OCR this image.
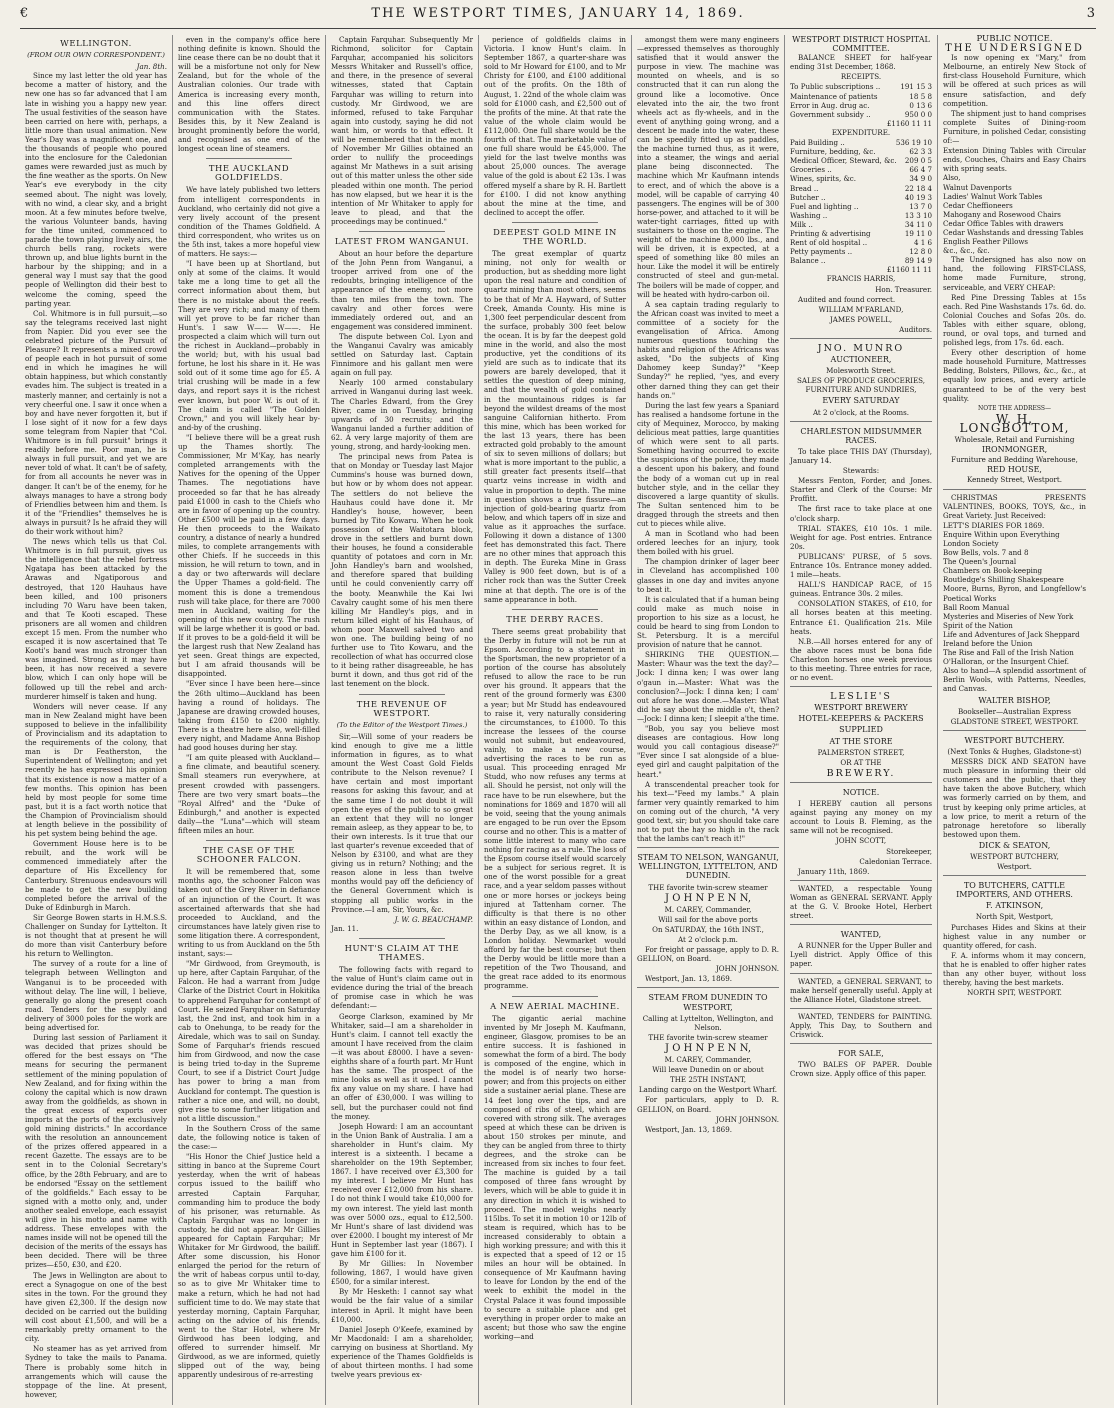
€	THE WESTPORT TIMES, JANUARY 14, 1869.	3
WELLINGTON.
(FROM OUR OWN CORRESPONDENT.)
Jan. 8th.

Since my last letter the old year has become a matter of history, and the new one has so far advanced that I am late in wishing you a happy new year. The usual festivities of the season have been carried on here with, perhaps, a little more than usual animation. New Year's Day was a magnificent one, and the thousands of people who poured into the enclosure for the Caledonian games were rewarded just as much by the fine weather as the sports. On New Year's eve everybody in the city seemed about. The night was lovely, with no wind, a clear sky, and a bright moon. At a few minutes before twelve, the various Volunteer bands, having for the time united, commenced to parade the town playing lively airs, the church bells rang, rockets were thrown up, and blue lights burnt in the harbour by the shipping; and in a general way I must say that the good people of Wellington did their best to welcome the coming, speed the parting year.

Col. Whitmore is in full pursuit,—so say the telegrams received last night from Napier. Did you ever see the celebrated picture of the Pursuit of Pleasure? It represents a mixed crowd of people each in hot pursuit of some end in which he imagines he will obtain happiness, but which constantly evades him. The subject is treated in a masterly manner, and certainly is not a very cheerful one. I saw it once when a boy and have never forgotten it, but if I lose sight of it now for a few days some telegram from Napier that "Col. Whitmore is in full pursuit" brings it readily before me. Poor man, he is always in full pursuit, and yet we are never told of what. It can't be of safety, for from all accounts he never was in danger. It can't be of the enemy, for he always manages to have a strong body of Friendlies between him and them. Is it of the "Friendlies" themselves he is always in pursuit? Is he afraid they will do their work without him?

The news which tells us that Col. Whitmore is in full pursuit, gives us the intelligence that the rebel fortress Ngatapa has been attacked by the Arawas and Ngatiporous and destroyed, that 120 Hauhaus have been killed, and 100 prisoners including 70 Waru have been taken, and that Te Kooti escaped. These prisoners are all women and children except 15 men. From the number who escaped it is now ascertained that Te Kooti's band was much stronger than was imagined. Strong as it may have been, it has now received a severe blow, which I can only hope will be followed up till the rebel and arch-murderer himself is taken and hung.

Wonders will never cease. If any man in New Zealand might have been supposed to believe in the infallibility of Provincialism and its adaptation to the requirements of the colony, that man is Dr Featherston, the Superintendent of Wellington; and yet recently he has expressed his opinion that its existence is now a matter of a few months. This opinion has been held by most people for some time past, but it is a fact worth notice that the Champion of Provincialism should at length believe in the possibility of his pet system being behind the age.

Government House here is to be rebuilt, and the work will be commenced immediately after the departure of His Excellency for Canterbury. Strenuous endeavours will be made to get the new building completed before the arrival of the Duke of Edinburgh in March.

Sir George Bowen starts in H.M.S.S. Challenger on Sunday for Lyttelton. It is not thought that at present he will do more than visit Canterbury before his return to Wellington.

The survey of a route for a line of telegraph between Wellington and Wanganui is to be proceeded with without delay. The line will, I believe, generally go along the present coach road. Tenders for the supply and delivery of 3000 poles for the work are being advertised for.

During last session of Parliament it was decided that prizes should be offered for the best essays on "The means for securing the permanent settlement of the mining population of New Zealand, and for fixing within the colony the capital which is now drawn away from the goldfields, as shown in the great excess of exports over imports at the ports of the exclusively gold mining districts." In accordance with the resolution an announcement of the prizes offered appeared in a recent Gazette. The essays are to be sent in to the Colonial Secretary's office, by the 28th February, and are to be endorsed "Essay on the settlement of the goldfields." Each essay to be signed with a motto only, and, under another sealed envelope, each essayist will give in his motto and name with address. These envelopes with the names inside will not be opened till the decision of the merits of the essays has been decided. There will be three prizes—£50, £30, and £20.

The Jews in Wellington are about to erect a Synagogue on one of the best sites in the town. For the ground they have given £2,300. If the design now decided on be carried out the building will cost about £1,500, and will be a remarkably pretty ornament to the city.

No steamer has as yet arrived from Sydney to take the mails to Panama. There is probably some hitch in arrangements which will cause the stoppage of the line. At present, however,

even in the company's office here nothing definite is known. Should the line cease there can be no doubt that it will be a misfortune not only for New Zealand, but for the whole of the Australian colonies. Our trade with America is increasing every month, and this line offers direct communication with the States. Besides this, by it New Zealand is brought prominently before the world, and recognised as one end of the longest ocean line of steamers.

THE AUCKLAND GOLDFIELDS.

We have lately published two letters from intelligent correspondents in Auckland, who certainly did not give a very lively account of the present condition of the Thames Goldfield. A third correspondent, who writes us on the 5th inst, takes a more hopeful view of matters. He says:—

"I have been up at Shortland, but only at some of the claims. It would take me a long time to get all the correct information about them, but there is no mistake about the reefs. They are very rich; and many of them will yet prove to be far richer than Hunt's. I saw W—— W——. He prospected a claim which will turn out the richest in Auckland—probably in the world; but, with his usual bad fortune, he lost his share in it. He was sold out of it some time ago for £5. A trial crushing will be made in a few days, and report says it is the richest ever known, but poor W. is out of it. The claim is called "The Golden Crown," and you will likely hear by-and-by of the crushing.

"I believe there will be a great rush up the Thames shortly. The Commissioner, Mr M'Kay, has nearly completed arrangements with the Natives for the opening of the Upper Thames. The negotiations have proceeded so far that he has already paid £1000 in cash to the Chiefs who are in favor of opening up the country. Other £500 will be paid in a few days. He then proceeds to the Waikato country, a distance of nearly a hundred miles, to complete arrangements with other Chiefs. If he succeeds in this mission, he will return to town, and in a day or two afterwards will declare the Upper Thames a gold-field. The moment this is done a tremendous rush will take place, for there are 7000 men in Auckland, waiting for the opening of this new country. The rush will be large whether it is good or bad. If it proves to be a gold-field it will be the largest rush that New Zealand has yet seen. Great things are expected, but I am afraid thousands will be disappointed.

"Ever since I have been here—since the 26th ultimo—Auckland has been having a round of holidays. The Japanese are drawing crowded houses, taking from £150 to £200 nightly. There is a theatre here also, well-filled every night, and Madame Anna Bishop had good houses during her stay.

"I am quite pleased with Auckland—a fine climate, and beautiful scenery. Small steamers run everywhere, at present crowded with passengers. There are two very smart boats—the "Royal Alfred" and the "Duke of Edinburgh," and another is expected daily—the "Luna"—which will steam fifteen miles an hour.

THE CASE OF THE SCHOONER FALCON.

It will be remembered that, some months ago, the schooner Falcon was taken out of the Grey River in defiance of an injunction of the Court. It was ascertained afterwards that she had proceeded to Auckland, and the circumstances have lately given rise to some litigation there. A correspondent, writing to us from Auckland on the 5th instant, says:—

"Mr Girdwood, from Greymouth, is up here, after Captain Farquhar, of the Falcon. He had a warrant from Judge Clarke of the District Court in Hokitika to apprehend Farquhar for contempt of Court. He seized Farquhar on Saturday last, the 2nd inst, and took him in a cab to Onehunga, to be ready for the Airedale, which was to sail on Sunday. Some of Farquhar's friends rescued him from Girdwood, and now the case is being tried to-day in the Supreme Court, to see if a District Court Judge has power to bring a man from Auckland for contempt. The question is rather a nice one, and will, no doubt, give rise to some further litigation and not a little discussion."

In the Southern Cross of the same date, the following notice is taken of the case:—

"His Honor the Chief Justice held a sitting in banco at the Supreme Court yesterday, when the writ of habeas corpus issued to the bailiff who arrested Captain Farquhar, commanding him to produce the body of his prisoner, was returnable. As Captain Farquhar was no longer in custody, he did not appear. Mr Gillies appeared for Captain Farquhar; Mr Whitaker for Mr Girdwood, the bailiff. After some discussion, his Honor enlarged the period for the return of the writ of habeas corpus until to-day, so as to give Mr Whitaker time to make a return, which he had not had sufficient time to do. We may state that yesterday morning, Captain Farquhar, acting on the advice of his friends, went to the Star Hotel, where Mr Girdwood has been lodging, and offered to surrender himself. Mr Girdwood, as we are informed, quietly slipped out of the way, being apparently undesirous of re-arresting

Captain Farquhar. Subsequently Mr Richmond, solicitor for Captain Farquhar, accompanied his solicitors Messrs Whitaker and Russell's office, and there, in the presence of several witnesses, stated that Captain Farquhar was willing to return into custody. Mr Girdwood, we are informed, refused to take Farquhar again into custody, saying he did not want him, or words to that effect. It will be remembered that in the month of November Mr Gillies obtained an order to nullify the proceedings against Mr Mathews in a suit arising out of this matter unless the other side pleaded within one month. The period has now elapsed, but we hear it is the intention of Mr Whitaker to apply for leave to plead, and that the proceedings may be continued."

LATEST FROM WANGANUI.

About an hour before the departure of the John Penn from Wanganui, a trooper arrived from one of the redoubts, bringing intelligence of the appearance of the enemy, not more than ten miles from the town. The cavalry and other forces were immediately ordered out, and an engagement was considered imminent.

The dispute between Col. Lyon and the Wanganui Cavalry was amicably settled on Saturday last. Captain Finnimore and his gallant men were again on full pay.

Nearly 100 armed constabulary arrived in Wanganui during last week. The Charles Edward, from the Grey River, came in on Tuesday, bringing upwards of 30 recruits; and the Wanganui landed a further addition of 62. A very large majority of them are young, strong, and hardy-looking men.

The principal news from Patea is that on Monday or Tuesday last Major Cummins's house was burned down, but how or by whom does not appear. The settlers do not believe the Hauhaus could have done it. Mr Handley's house, however, been burned by Tito Kowaru. When he took possession of the Waitotara block, drove in the settlers and burnt down their houses, he found a considerable quantity of potatoes and corn in Mr. John Handley's barn and woolshed, and therefore spared that building until he could conveniently carry off the booty. Meanwhile the Kai Iwi Cavalry caught some of his men there killing Mr Handley's pigs, and in return killed eight of his Hauhaus, of whom poor Maxwell salved two and won one. The building being of no further use to Tito Kowaru, and the recollection of what has occurred close to it being rather disagreeable, he has burnt it down, and thus got rid of the last tenement on the block.

THE REVENUE OF WESTPORT.
(To the Editor of the Westport Times.)

Sir,—Will some of your readers be kind enough to give me a little information in figures, as to what amount the West Coast Gold Fields contribute to the Nelson revenue? I have certain and most important reasons for asking this favour, and at the same time I do not doubt it will open the eyes of the public to so great an extent that they will no longer remain asleep, as they appear to be, to their own interests. Is it true that our last quarter's revenue exceeded that of Nelson by £3100, and what are they giving us in return? Nothing; and the reason alone in less than twelve months would pay off the deficiency of the General Government which is stopping all public works in the Province.—I am, Sir, Yours, &c.

J. W. G. BEAUCHAMP.
Jan. 11.
HUNT'S CLAIM AT THE THAMES.

The following facts with regard to the value of Hunt's claim came out in evidence during the trial of the breach of promise case in which he was defendant:—

George Clarkson, examined by Mr Whitaker, said—I am a shareholder in Hunt's claim. I cannot tell exactly the amount I have received from the claim—it was about £8000. I have a seven-eighths share of a fourth part. Mr Hunt has the same. The prospect of the mine looks as well as it used. I cannot fix any value on my share. I have had an offer of £30,000. I was willing to sell, but the purchaser could not find the money.

Joseph Howard: I am an accountant in the Union Bank of Australia. I am a shareholder in Hunt's claim. My interest is a sixteenth. I became a shareholder on the 19th September, 1867. I have received over £3,300 for my interest. I believe Mr Hunt has received over £12,000 from his share. I do not think I would take £10,000 for my own interest. The yield last month was over 5000 ozs., equal to £12,500. Mr Hunt's share of last dividend was over £2000. I bought my interest of Mr Hunt in September last year (1867). I gave him £100 for it.

By Mr Gillies: In November following, 1867, I would have given £500, for a similar interest.

By Mr Hesketh: I cannot say what would be the fair value of a similar interest in April. It might have been £10,000.

Daniel Joseph O'Keefe, examined by Mr Macdonald: I am a shareholder, carrying on business at Shortland. My experience of the Thames Goldfields is of about thirteen months. I had some twelve years previous ex-

perience of goldfields claims in Victoria. I know Hunt's claim. In September 1867, a quarter-share was sold to Mr Howard for £100, and to Mr Christy for £100, and £100 additional out of the profits. On the 18th of August, 1. 22nd of the whole claim was sold for £1000 cash, and £2,500 out of the profits of the mine. At that rate the value of the whole claim would be £112,000. One full share would be the fourth of that. The marketable value of one full share would be £45,000. The yield for the last twelve months was about 25,000 ounces. The average value of the gold is about £2 13s. I was offered myself a share by R. H. Bartlett for £100. I did not know anything about the mine at the time, and declined to accept the offer.

DEEPEST GOLD MINE IN THE WORLD.

The great exemplar of quartz mining, not only for wealth or production, but as shedding more light upon the real nature and condition of quartz mining than most others, seems to be that of Mr A. Hayward, of Sutter Creek, Amanda County. His mine is 1,300 feet perpendicular descent from the surface, probably 300 feet below the ocean. It is by far the deepest gold mine in the world, and also the most productive, yet the conditions of its yield are such as to indicate that its powers are barely developed, that it settles the question of deep mining, and that the wealth of gold contained in the mountainous ridges is far beyond the wildest dreams of the most sanguine Californian hitherto. From this mine, which has been worked for the last 13 years, there has been extracted gold probably to the amount of six to seven millions of dollars; but what is more important to the public, a still greater fact presents itself—that quartz veins increase in width and value in proportion to depth. The mine in question shows a true fissure—an injection of gold-bearing quartz from below, and which tapers off in size and value as it approaches the surface. Following it down a distance of 1300 feet has demonstrated this fact. There are no other mines that approach this in depth. The Eureka Mine in Grass Valley is 900 feet down, but is of a richer rock than was the Sutter Creek mine at that depth. The ore is of the same appearance in both.

THE DERBY RACES.

There seems great probability that the Derby in future will not be run at Epsom. According to a statement in the Sportsman, the new proprietor of a portion of the course has absolutely refused to allow the race to be run over his ground. It appears that the rent of the ground formerly was £300 a year; but Mr Studd has endeavoured to raise it, very naturally considering the circumstances, to £1000. To this increase the lessees of the course would not submit, but endeavoured, vainly, to make a new course, advertising the races to be run as usual. This proceeding enraged Mr Studd, who now refuses any terms at all. Should he persist, not only will the race have to be run elsewhere, but the nominations for 1869 and 1870 will all be void, seeing that the young animals are engaged to be run over the Epsom course and no other. This is a matter of some little interest to many who care nothing for racing as a rule. The loss of the Epsom course itself would scarcely be a subject for serious regret. It is one of the worst possible for a great race, and a year seldom passes without one or more horses or jockeys being injured at Tattenham corner. The difficulty is that there is no other within an easy distance of London, and the Derby Day, as we all know, is a London holiday. Newmarket would afford by far the best course; but then the Derby would be little more than a repetition of the Two Thousand, and the great race added to its enormous programme.

A NEW AERIAL MACHINE.

The gigantic aerial machine invented by Mr Joseph M. Kaufmann, engineer, Glasgow, promises to be an entire success. It is fashioned in somewhat the form of a bird. The body is composed of the engine, which in the model is of nearly two horse-power; and from this projects on either side a sustainer aerial plane. These are 14 feet long over the tips, and are composed of ribs of steel, which are covered with strong silk. The averages speed at which these can be driven is about 150 strokes per minute, and they can be angled from three to thirty degrees, and the stroke can be increased from six inches to four feet. The machine is guided by a tail composed of three fans wrought by levers, which will be able to guide it in any direction in which it is wished to proceed. The model weighs nearly 115lbs. To set it in motion 10 or 12lb of steam is required, which has to be increased considerably to obtain a high working pressure; and with this it is expected that a speed of 12 or 15 miles an hour will be obtained. In consequence of Mr Kaufmann having to leave for London by the end of the week to exhibit the model in the Crystal Palace it was found impossible to secure a suitable place and get everything in proper order to make an ascent; but those who saw the engine working—and

amongst them were many engineers—expressed themselves as thoroughly satisfied that it would answer the purpose in view. The machine was mounted on wheels, and is so constructed that it can run along the ground like a locomotive. Once elevated into the air, the two front wheels act as fly-wheels, and in the event of anything going wrong, and a descent be made into the water, these can be speedily fitted up as paddles, the machine turned thus, as it were, into a steamer, the wings and aerial plane being disconnected. The machine which Mr Kaufmann intends to erect, and of which the above is a model, will be capable of carrying 40 passengers. The engines will be of 300 horse-power, and attached to it will be water-tight carriages, fitted up with sustainers to those on the engine. The weight of the machine 8,000 lbs., and will be driven, it is expected, at a speed of something like 80 miles an hour. Like the model it will be entirely constructed of steel and gun-metal. The boilers will be made of copper, and will be heated with hydro-carbon oil.

A sea captain trading regularly to the African coast was invited to meet a committee of a society for the evangelisation of Africa. Among numerous questions touching the habits and religion of the Africans was asked, "Do the subjects of King Dahomey keep Sunday?" "Keep Sunday?" he replied, "yes, and every other darned thing they can get their hands on."

During the last few years a Spaniard has realised a handsome fortune in the city of Mequinez, Morocco, by making delicious meat patties, large quantities of which were sent to all parts. Something having occurred to excite the suspicions of the police, they made a descent upon his bakery, and found the body of a woman cut up in real butcher style, and in the cellar they discovered a large quantity of skulls. The Sultan sentenced him to be dragged through the streets and then cut to pieces while alive.

A man in Scotland who had been ordered leeches for an injury, took them boiled with his gruel.

The champion drinker of lager beer in Cleveland has accomplished 100 glasses in one day and invites anyone to beat it.

It is calculated that if a human being could make as much noise in proportion to his size as a locust, he could be heard to sing from London to St. Petersburg. It is a merciful provision of nature that he cannot.

SHIRKING THE QUESTION.—Master: Whaur was the text the day?—Jock: I dinna ken; I was ower lang o'gaun in.—Master: What was the conclusion?—Jock: I dinna ken; I cam' out afore he was done.—Master: What did he say about the middle o't, then?—Jock: I dinna ken; I sleepit a'the time.

"Bob, you say you believe most diseases are contagious. How long would you call contagious disease?" "Ever since I sat alongside of a blue-eyed girl and caught palpitation of the heart."

A transcendental preacher took for his text—"Feed my lambs." A plain farmer very quaintly remarked to him on coming out of the church, "A very good text, sir; but you should take care not to put the hay so high in the rack that the lambs can't reach it!"

STEAM TO NELSON, WANGANUI, WELLINGTON, LYTTELTON, AND DUNEDIN.

THE favorite twin-screw steamer

J O H N P E N N,

M. CAREY, Commander,

Will sail for the above ports

On SATURDAY, the 16th INST.,

At 2 o'clock p.m.

For freight or passage, apply to D. R. GELLION, on Board.

JOHN JOHNSON.

Westport, Jan. 13, 1869.

STEAM FROM DUNEDIN TO WESTPORT,

Calling at Lyttelton, Wellington, and Nelson.

THE favorite twin-screw steamer

J O H N P E N N,

M. CAREY, Commander,

Will leave Dunedin on or about

THE 25TH INSTANT,

Landing cargo on the Westport Wharf.

For particulars, apply to D. R. GELLION, on Board.

JOHN JOHNSON.

Westport, Jan. 13, 1869.

WESTPORT DISTRICT HOSPITAL COMMITTEE.

BALANCE SHEET for half-year ending 31st December, 1868.

RECEIPTS.

To Public subscriptions ..	191 15 3
Maintenance of patients	18 5 8
Error in Aug. drug ac.	0 13 6
Government subsidy ..	950 0 0
£1160 11 11

EXPENDITURE.

Paid Building ..	536 19 10
Furniture, bedding, &c.	62 3 3
Medical Officer, Steward, &c. 209 0 5
Groceries ..	66 4 7
Wines, spirits, &c.	34 9 0
Bread ..	22 18 4
Butcher ..	40 19 3
Fuel and lighting ..	13 7 0
Washing ..	13 3 10
Milk ..	34 11 0
Printing & advertising	19 11 0
Rent of old hospital ..	4 1 6
Petty payments ..	12 8 0
Balance ..	89 14 9
£1160 11 11

FRANCIS HARRIS,

Hon. Treasurer.

Audited and found correct.

WILLIAM M'FARLAND,

JAMES POWELL,

Auditors.

JNO. MUNRO
AUCTIONEER,

Molesworth Street.

SALES OF PRODUCE GROCERIES, FURNITURE AND SUNDRIES,

EVERY SATURDAY

At 2 o'clock, at the Rooms.

CHARLESTON MIDSUMMER RACES.

To take place THIS DAY (Thursday), January 14.

Stewards:

Messrs Fenton, Forder, and Jones. Starter and Clerk of the Course: Mr Proffitt.

The first race to take place at one o'clock sharp.

TRIAL STAKES, £10 10s. 1 mile. Weight for age. Post entries. Entrance 20s.

PUBLICANS' PURSE, of 5 sovs. Entrance 10s. Entrance money added. 1 mile—heats.

HALL'S HANDICAP RACE, of 15 guineas. Entrance 30s. 2 miles.

CONSOLATION STAKES, of £10, for all horses beaten at this meeting. Entrance £1. Qualification 21s. Mile heats.

N.B.—All horses entered for any of the above races must be bona fide Charleston horses one week previous to this meeting. Three entries for race, or no event.

LESLIE'S
WESTPORT BREWERY
HOTEL-KEEPERS & PACKERS
SUPPLIED
AT THE STORE

PALMERSTON STREET,

OR AT THE

BREWERY.
NOTICE.

I HEREBY caution all persons against paying any money on my account to Louis B. Fleming, as the same will not be recognised.

JOHN SCOTT,

Storekeeper,

Caledonian Terrace.

January 11th, 1869.

WANTED, a respectable Young Woman as GENERAL SERVANT. Apply at the G. V. Brooke Hotel, Herbert street.

WANTED,

A RUNNER for the Upper Buller and Lyell district. Apply Office of this paper.

WANTED, a GENERAL SERVANT, to make herself generally useful. Apply at the Alliance Hotel, Gladstone street.

WANTED, TENDERS for PAINTING. Apply, This Day, to Southern and Criswick.

FOR SALE,

TWO BALES OF PAPER. Double Crown size. Apply office of this paper.

PUBLIC NOTICE.
THE UNDERSIGNED

Is now opening ex "Mary," from Melbourne, an entirely New Stock of first-class Household Furniture, which will be offered at such prices as will ensure satisfaction, and defy competition.

The shipment just to hand comprises complete Suites of Dining-room Furniture, in polished Cedar, consisting of:—

Extension Dining Tables with Circular ends, Couches, Chairs and Easy Chairs with spring seats.

Also,

Walnut Davenports

Ladies' Walnut Work Tables

Cedar Cheffioneers

Mahogany and Rosewood Chairs

Cedar Office Tables with drawers

Cedar Washstands and dressing Tables

English Feather Pillows

&c., &c., &c.

The Undersigned has also now on hand, the following FIRST-CLASS, home made Furniture, strong, serviceable, and VERY CHEAP:

Red Pine Dressing Tables at 15s each. Red Pine Washstands 17s. 6d. do. Colonial Couches and Sofas 20s. do. Tables with either square, oblong, round, or oval tops, and turned and polished legs, from 17s. 6d. each.

Every other description of home made household Furniture, Mattresses Bedding, Bolsters, Pillows, &c., &c., at equally low prices, and every article guaranteed to be of the very best quality.

NOTE THE ADDRESS—

W. H. LONGBOTTOM,

Wholesale, Retail and Furnishing

IRONMONGER,

Furniture and Bedding Warehouse,

RED HOUSE,

Kennedy Street, Westport.

CHRISTMAS PRESENTS VALENTINES, BOOKS, TOYS, &c., in Great Variety. Just Received:

LETT'S DIARIES FOR 1869.

Enquire Within upon Everything

London Society

Bow Bells, vols. 7 and 8

The Queen's Journal

Chambers on Book-keeping

Routledge's Shilling Shakespeare

Moore, Burns, Byron, and Longfellow's Poetical Works

Ball Room Manual

Mysteries and Miseries of New York

Spirit of the Nation

Life and Adventures of Jack Sheppard

Ireland before the Union

The Rise and Fall of the Irish Nation

O'Halloran, or the Insurgent Chief.

Also to hand—A splendid assortment of Berlin Wools, with Patterns, Needles, and Canvas.

WALTER BISHOP,

Bookseller—Australian Express

GLADSTONE STREET, WESTPORT.

WESTPORT BUTCHERY.

(Next Tonks & Hughes, Gladstone-st)

MESSRS DICK AND SEATON have much pleasure in informing their old customers and the public, that they have taken the above Butchery, which was formerly carried on by them, and trust by keeping only prime articles, at a low price, to merit a return of the patronage heretofore so liberally bestowed upon them.

DICK & SEATON,

WESTPORT BUTCHERY,

Westport.

TO BUTCHERS, CATTLE IMPORTERS, AND OTHERS.
F. ATKINSON,

North Spit, Westport,

Purchases Hides and Skins at their highest value in any number or quantity offered, for cash.

F. A. informs whom it may concern, that he is enabled to offer higher rates than any other buyer, without loss thereby, having the best markets.

NORTH SPIT, WESTPORT.
